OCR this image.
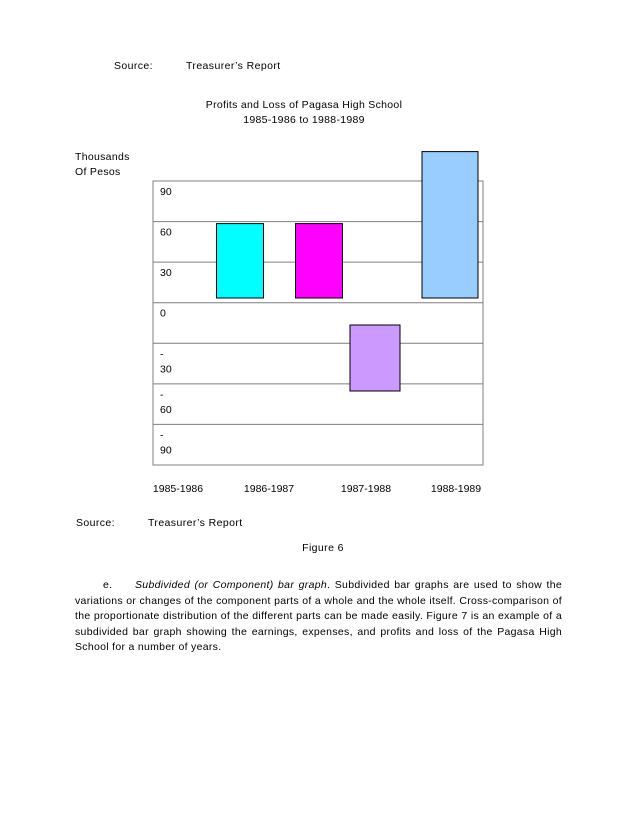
Source:	Treasurer’s Report
Profits and Loss of Pagasa High School
1985-1986 to 1988-1989
Thousands
Of Pesos
90
60
30
0
-30
-60
-90
1985-1986	1986-1987	1987-1988	1988-1989
Source:	Treasurer’s Report
Figure 6
e. Subdivided (or Component) bar graph. Subdivided bar graphs are used to show the variations or changes of the component parts of a whole and the whole itself. Cross-comparison of the proportionate distribution of the different parts can be made easily. Figure 7 is an example of a subdivided bar graph showing the earnings, expenses, and profits and loss of the Pagasa High School for a number of years.
